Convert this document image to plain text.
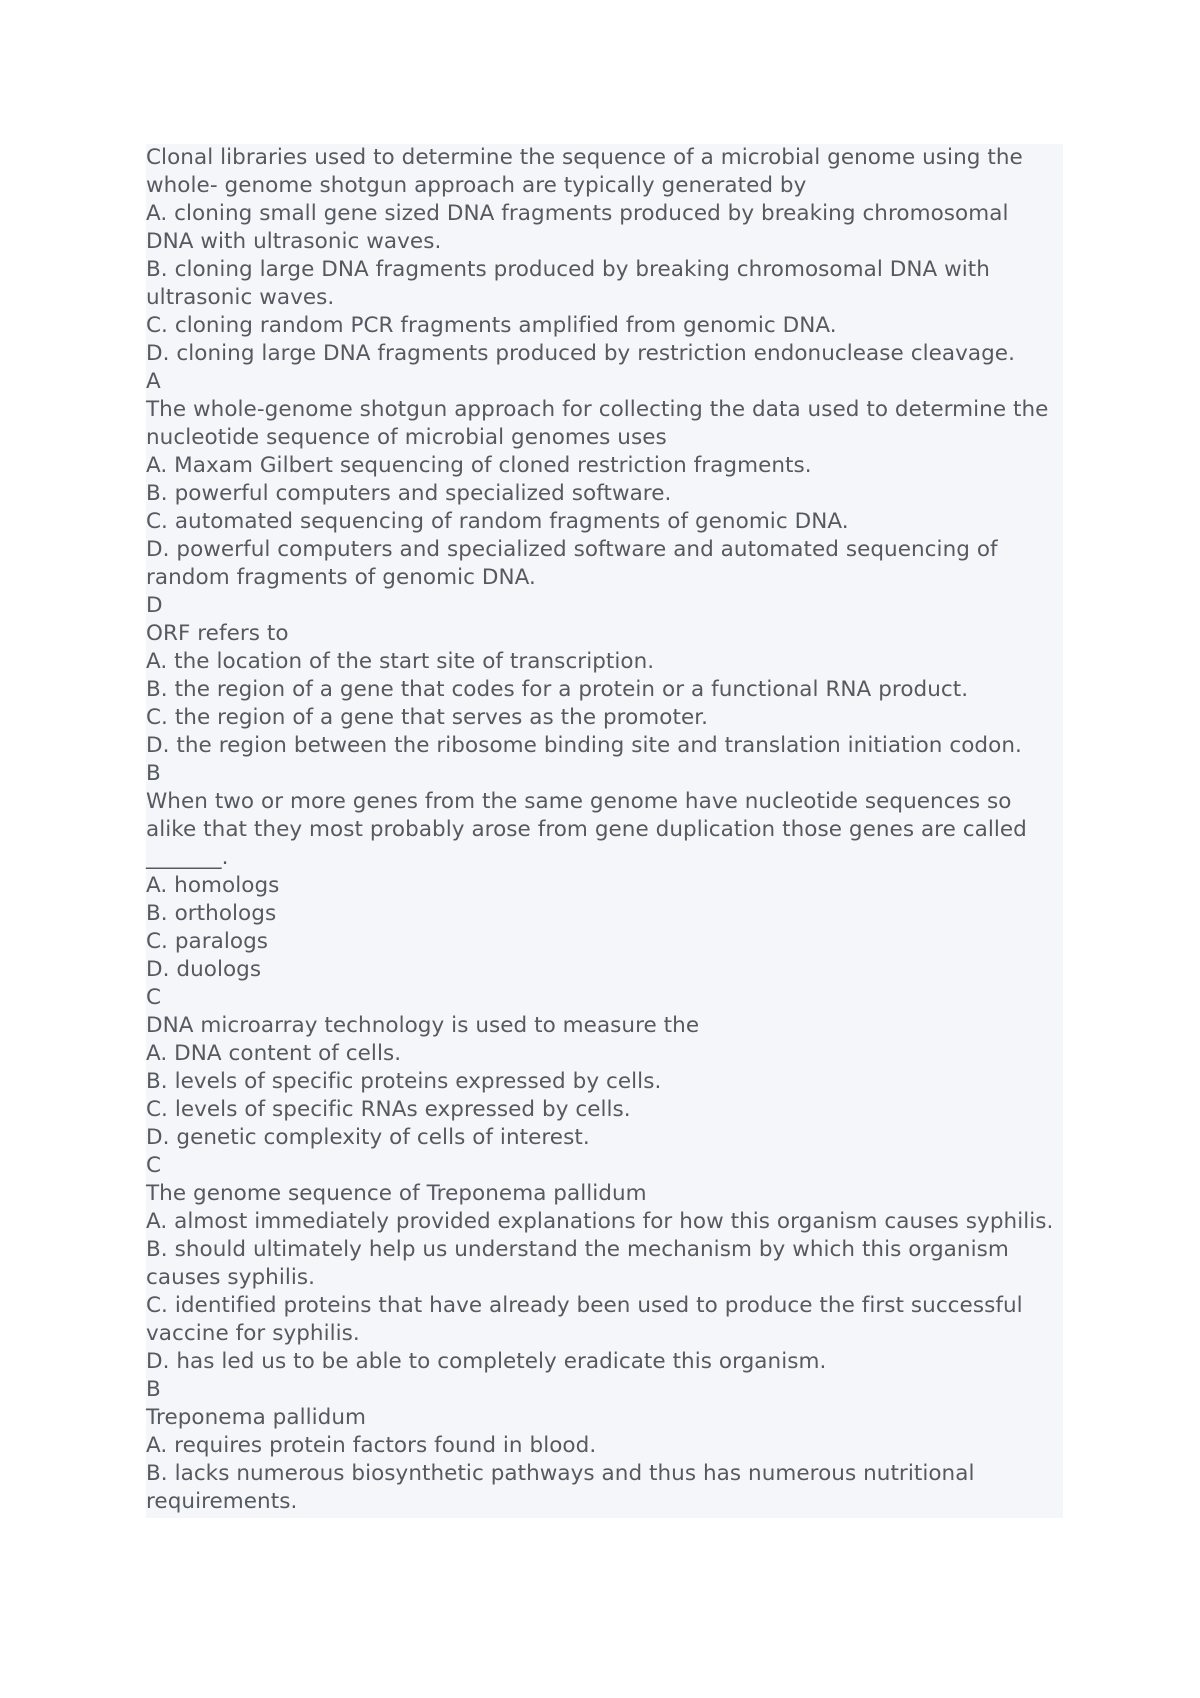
Clonal libraries used to determine the sequence of a microbial genome using the
whole- genome shotgun approach are typically generated by
A. cloning small gene sized DNA fragments produced by breaking chromosomal
DNA with ultrasonic waves.
B. cloning large DNA fragments produced by breaking chromosomal DNA with
ultrasonic waves.
C. cloning random PCR fragments amplified from genomic DNA.
D. cloning large DNA fragments produced by restriction endonuclease cleavage.
A
The whole-genome shotgun approach for collecting the data used to determine the
nucleotide sequence of microbial genomes uses
A. Maxam Gilbert sequencing of cloned restriction fragments.
B. powerful computers and specialized software.
C. automated sequencing of random fragments of genomic DNA.
D. powerful computers and specialized software and automated sequencing of
random fragments of genomic DNA.
D
ORF refers to
A. the location of the start site of transcription.
B. the region of a gene that codes for a protein or a functional RNA product.
C. the region of a gene that serves as the promoter.
D. the region between the ribosome binding site and translation initiation codon.
B
When two or more genes from the same genome have nucleotide sequences so
alike that they most probably arose from gene duplication those genes are called
_______.
A. homologs
B. orthologs
C. paralogs
D. duologs
C
DNA microarray technology is used to measure the
A. DNA content of cells.
B. levels of specific proteins expressed by cells.
C. levels of specific RNAs expressed by cells.
D. genetic complexity of cells of interest.
C
The genome sequence of Treponema pallidum
A. almost immediately provided explanations for how this organism causes syphilis.
B. should ultimately help us understand the mechanism by which this organism
causes syphilis.
C. identified proteins that have already been used to produce the first successful
vaccine for syphilis.
D. has led us to be able to completely eradicate this organism.
B
Treponema pallidum
A. requires protein factors found in blood.
B. lacks numerous biosynthetic pathways and thus has numerous nutritional
requirements.
